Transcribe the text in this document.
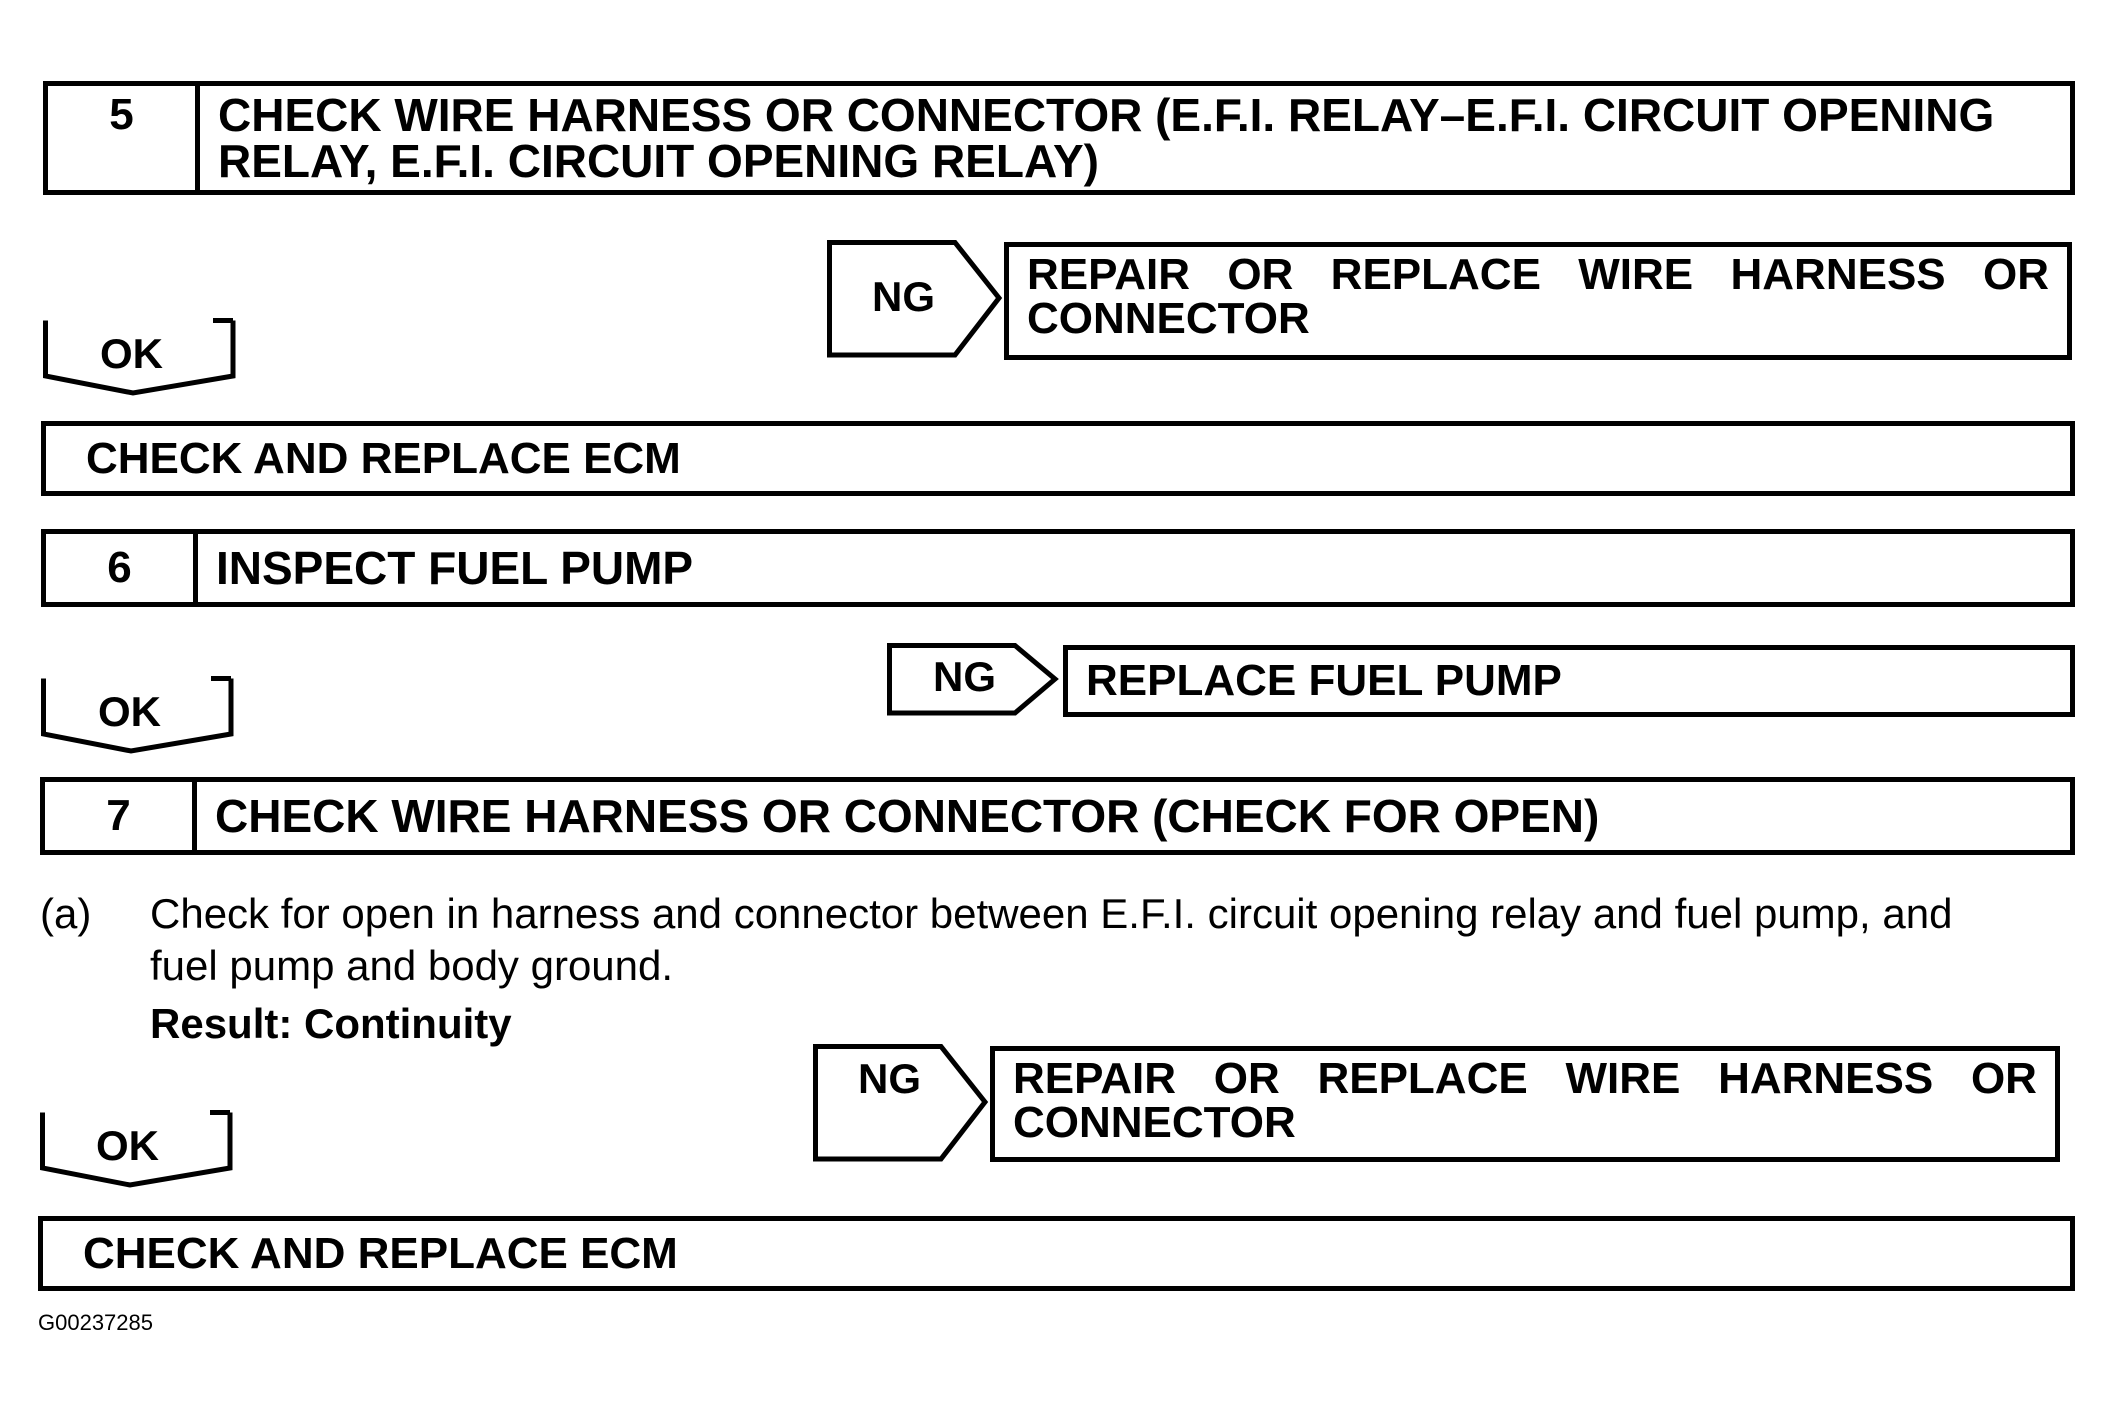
5	CHECK WIRE HARNESS OR CONNECTOR (E.F.I. RELAY–E.F.I. CIRCUIT OPENING RELAY, E.F.I. CIRCUIT OPENING RELAY)
NG REPAIR OR REPLACE WIRE HARNESS OR
CONNECTOR
OK
CHECK AND REPLACE ECM
6	INSPECT FUEL PUMP
NG	REPLACE FUEL PUMP
OK
7	CHECK WIRE HARNESS OR CONNECTOR (CHECK FOR OPEN)
(a) Check for open in harness and connector between E.F.I. circuit opening relay and fuel pump, and
fuel pump and body ground.
Result: Continuity
NG REPAIR OR REPLACE WIRE HARNESS OR
CONNECTOR
OK
CHECK AND REPLACE ECM
G00237285
